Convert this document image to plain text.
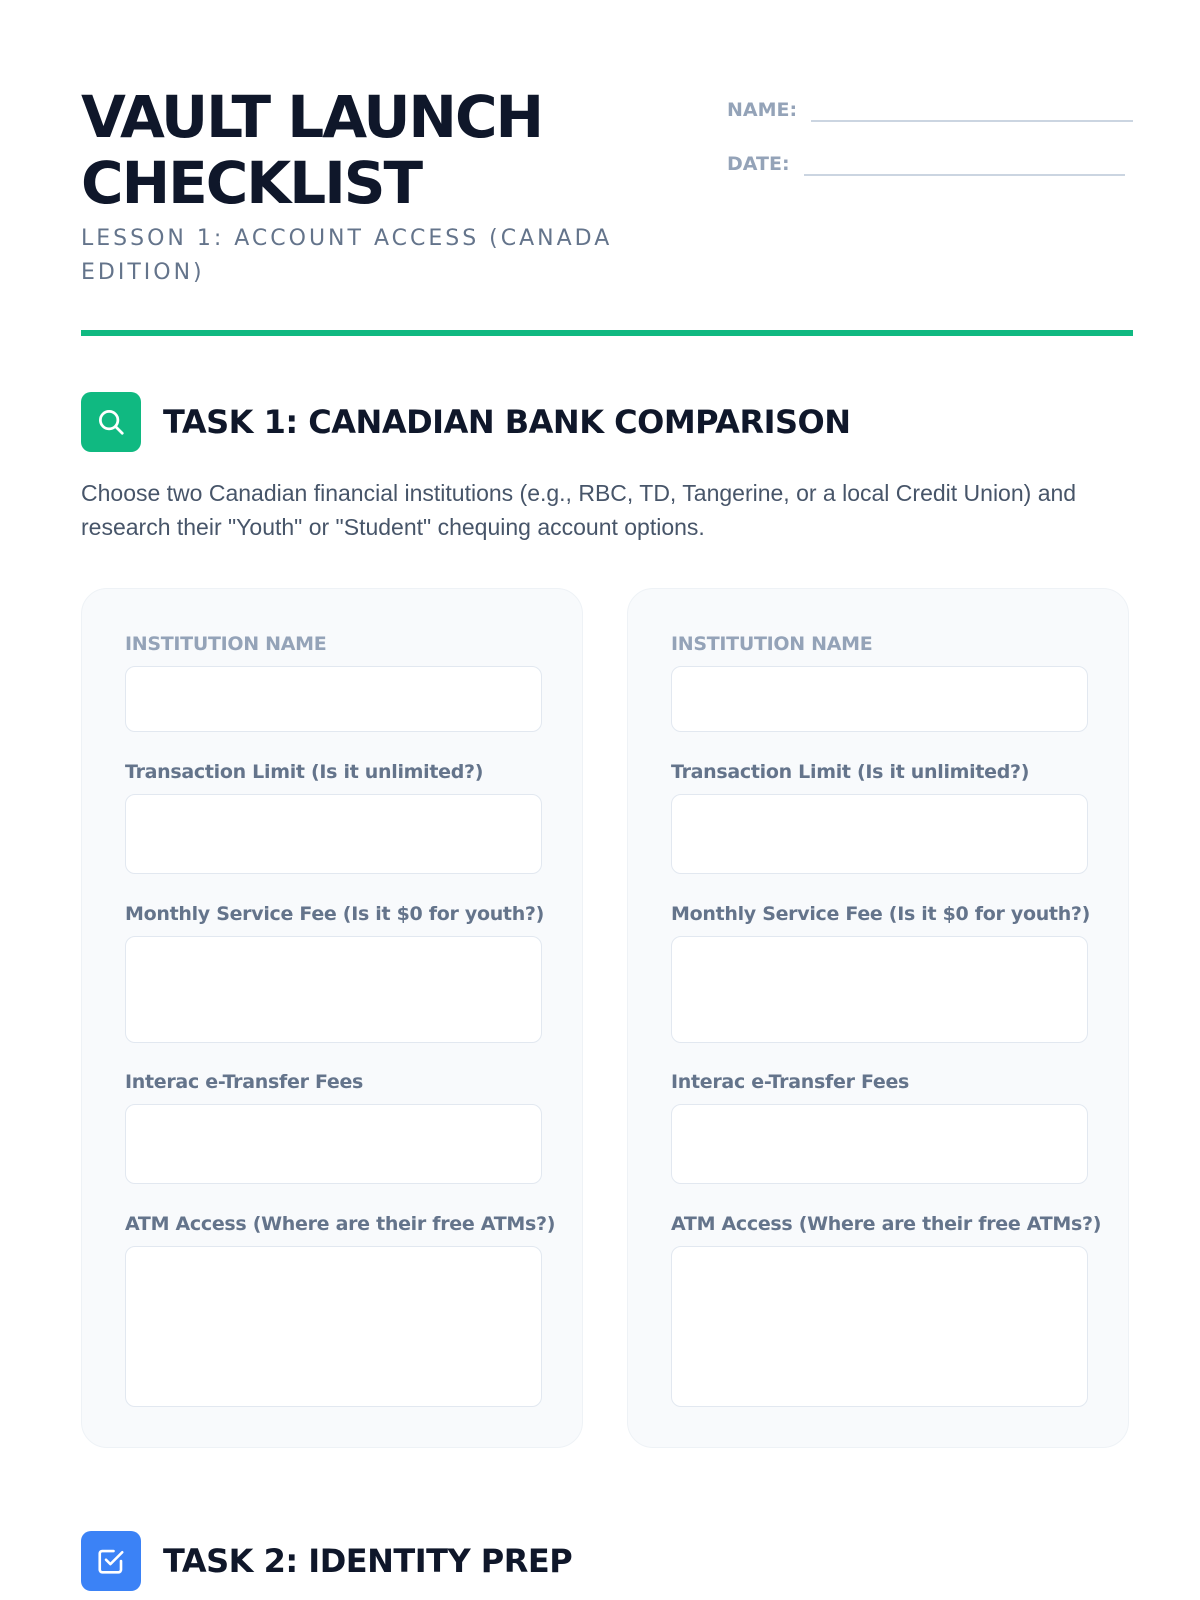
VAULT LAUNCH CHECKLIST
LESSON 1: ACCOUNT ACCESS (CANADA EDITION)
NAME:
DATE:
TASK 1: CANADIAN BANK COMPARISON
Choose two Canadian financial institutions (e.g., RBC, TD, Tangerine, or a local Credit Union) and research their "Youth" or "Student" chequing account options.
INSTITUTION NAME
Transaction Limit (Is it unlimited?)
Monthly Service Fee (Is it $0 for youth?)
Interac e-Transfer Fees
ATM Access (Where are their free ATMs?)
INSTITUTION NAME
Transaction Limit (Is it unlimited?)
Monthly Service Fee (Is it $0 for youth?)
Interac e-Transfer Fees
ATM Access (Where are their free ATMs?)
TASK 2: IDENTITY PREP
